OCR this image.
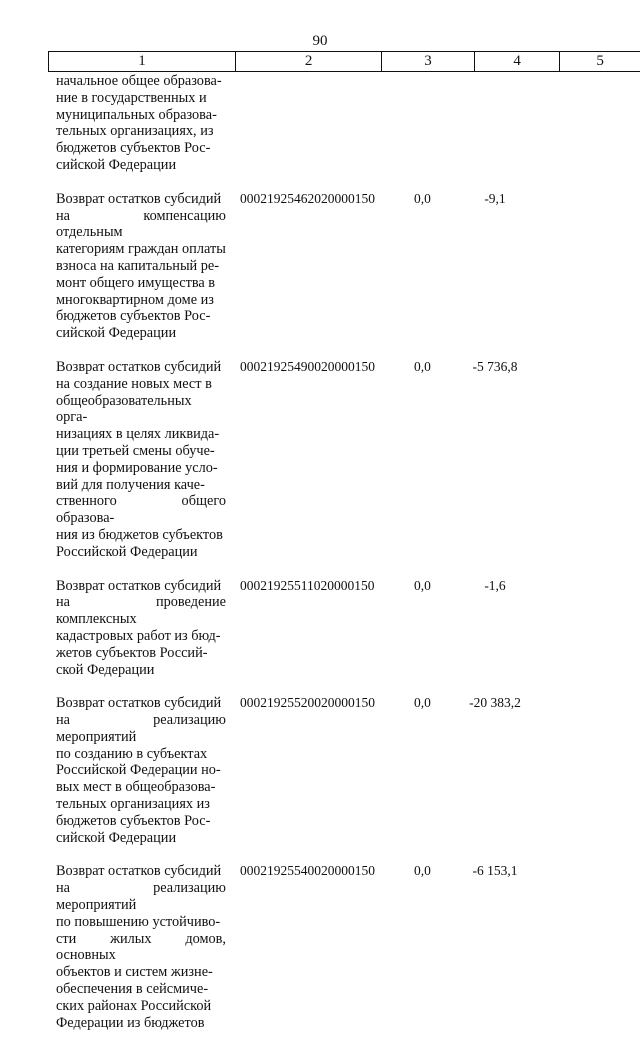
90
1	2	3	4	5
начальное общее образова-
ние в государственных и
муниципальных образова-
тельных организациях, из
бюджетов субъектов Рос-
сийской Федерации
Возврат остатков субсидий
на компенсацию отдельным
категориям граждан оплаты
взноса на капитальный ре-
монт общего имущества в
многоквартирном доме из
бюджетов субъектов Рос-
сийской Федерации
00021925462020000150	0,0	-9,1
Возврат остатков субсидий
на создание новых мест в
общеобразовательных орга-
низациях в целях ликвида-
ции третьей смены обуче-
ния и формирование усло-
вий для получения каче-
ственного общего образова-
ния из бюджетов субъектов
Российской Федерации
00021925490020000150	0,0	-5 736,8
Возврат остатков субсидий
на проведение комплексных
кадастровых работ из бюд-
жетов субъектов Россий-
ской Федерации
00021925511020000150	0,0	-1,6
Возврат остатков субсидий
на реализацию мероприятий
по созданию в субъектах
Российской Федерации но-
вых мест в общеобразова-
тельных организациях из
бюджетов субъектов Рос-
сийской Федерации
00021925520020000150	0,0	-20 383,2
Возврат остатков субсидий
на реализацию мероприятий
по повышению устойчиво-
сти жилых домов, основных
объектов и систем жизне-
обеспечения в сейсмиче-
ских районах Российской
Федерации из бюджетов
00021925540020000150	0,0	-6 153,1
